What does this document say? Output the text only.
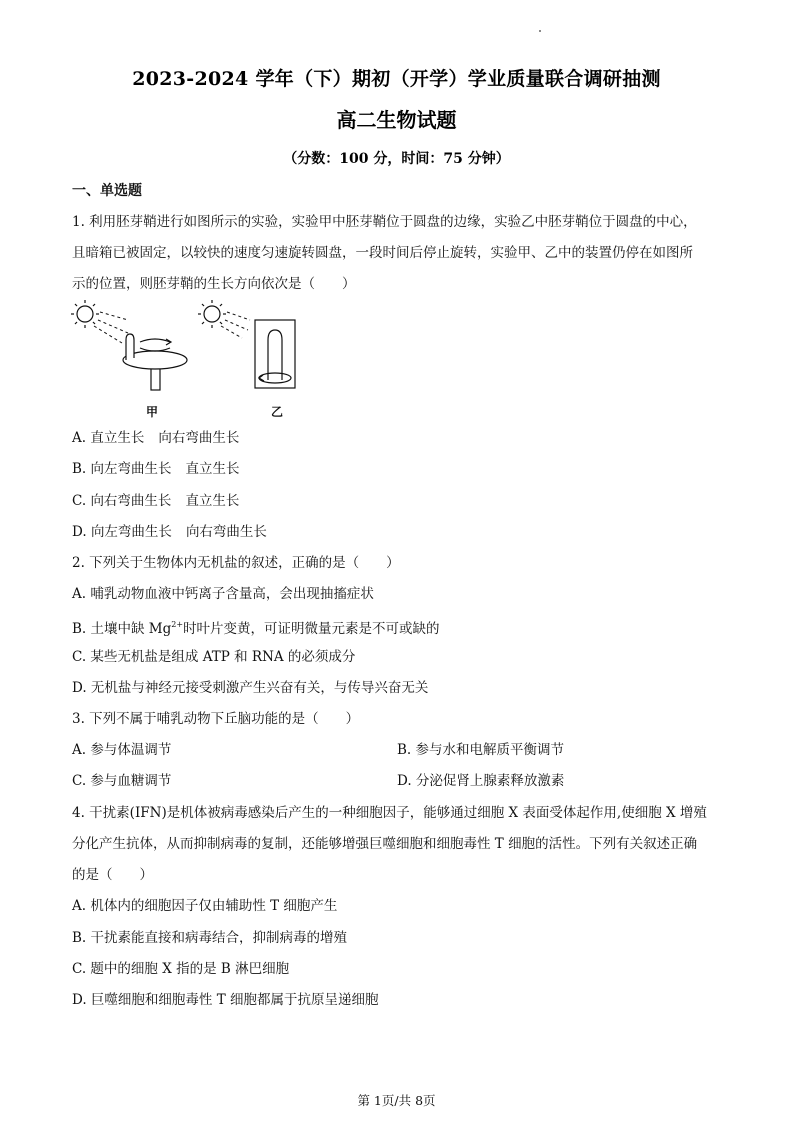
2023-2024 学年（下）期初（开学）学业质量联合调研抽测
高二生物试题
（分数：100 分，时间：75 分钟）
一、单选题
1. 利用胚芽鞘进行如图所示的实验，实验甲中胚芽鞘位于圆盘的边缘，实验乙中胚芽鞘位于圆盘的中心，
且暗箱已被固定，以较快的速度匀速旋转圆盘，一段时间后停止旋转，实验甲、乙中的装置仍停在如图所
示的位置，则胚芽鞘的生长方向依次是（　　）
甲	乙
A. 直立生长 向右弯曲生长
B. 向左弯曲生长 直立生长
C. 向右弯曲生长 直立生长
D. 向左弯曲生长 向右弯曲生长
2. 下列关于生物体内无机盐的叙述，正确的是（　　）
A. 哺乳动物血液中钙离子含量高，会出现抽搐症状
B. 土壤中缺 $Mg^{2+}$时叶片变黄，可证明微量元素是不可或缺的
C. 某些无机盐是组成 ATP 和 RNA 的必须成分
D. 无机盐与神经元接受刺激产生兴奋有关，与传导兴奋无关
3. 下列不属于哺乳动物下丘脑功能的是（　　）
A. 参与体温调节	B. 参与水和电解质平衡调节
C. 参与血糖调节	D. 分泌促肾上腺素释放激素
4. 干扰素(IFN)是机体被病毒感染后产生的一种细胞因子，能够通过细胞 X 表面受体起作用,使细胞 X 增殖
分化产生抗体，从而抑制病毒的复制，还能够增强巨噬细胞和细胞毒性 T 细胞的活性。下列有关叙述正确
的是（　　）
A. 机体内的细胞因子仅由辅助性 T 细胞产生
B. 干扰素能直接和病毒结合，抑制病毒的增殖
C. 题中的细胞 X 指的是 B 淋巴细胞
D. 巨噬细胞和细胞毒性 T 细胞都属于抗原呈递细胞
第 1页/共 8页
